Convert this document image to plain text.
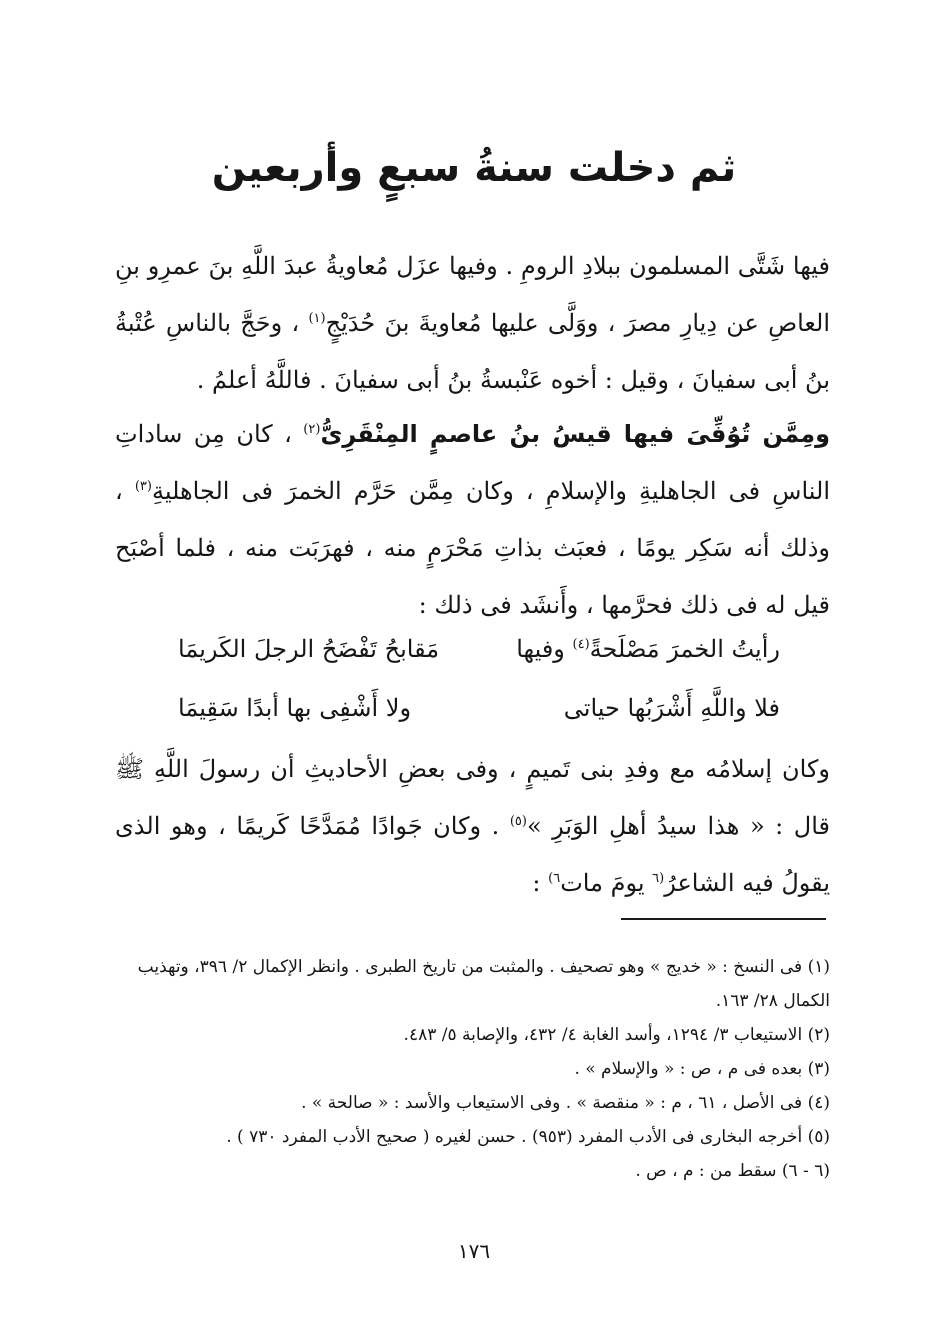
ثم دخلت سنةُ سبعٍ وأربعين

فيها شَتَّى المسلمون ببلادِ الرومِ . وفيها عزَل مُعاويةُ عبدَ اللَّهِ بنَ عمرِو بنِ العاصِ عن دِيارِ مصرَ ، ووَلَّى عليها مُعاويةَ بنَ حُدَيْجٍ$^{(١)}$ ، وحَجَّ بالناسِ عُتْبةُ بنُ أبى سفيانَ ، وقيل : أخوه عَنْبسةُ بنُ أبى سفيانَ . فاللَّهُ أعلمُ .

ومِمَّن تُوُفِّىَ فيها قيسُ بنُ عاصمٍ المِنْقَرِىُّ$^{(٢)}$ ، كان مِن ساداتِ الناسِ فى الجاهليةِ والإسلامِ ، وكان مِمَّن حَرَّم الخمرَ فى الجاهليةِ$^{(٣)}$ ، وذلك أنه سَكِر يومًا ، فعبَث بذاتِ مَحْرَمٍ منه ، فهرَبَت منه ، فلما أصْبَح قيل له فى ذلك فحرَّمها ، وأَنشَد فى ذلك :

رأيتُ الخمرَ مَصْلَحةً$^{(٤)}$ وفيها
مَقابحُ تَفْضَحُ الرجلَ الكَريمَا
فلا واللَّهِ أَشْرَبُها حياتى
ولا أَشْفِى بها أبدًا سَقِيمَا

وكان إسلامُه مع وفدِ بنى تَميمٍ ، وفى بعضِ الأحاديثِ أن رسولَ اللَّهِ ﷺ قال : « هذا سيدُ أهلِ الوَبَرِ »$^{(٥)}$ . وكان جَوادًا مُمَدَّحًا كَريمًا ، وهو الذى يقولُ فيه الشاعرُ$^{(٦}$ يومَ مات$^{٦)}$ :

(١) فى النسخ : « خديج » وهو تصحيف . والمثبت من تاريخ الطبرى . وانظر الإكمال ٢/ ٣٩٦، وتهذيب الكمال ٢٨/ ١٦٣.
(٢) الاستيعاب ٣/ ١٢٩٤، وأسد الغابة ٤/ ٤٣٢، والإصابة ٥/ ٤٨٣.
(٣) بعده فى م ، ص : « والإسلام » .
(٤) فى الأصل ، ٦١ ، م : « منقصة » . وفى الاستيعاب والأسد : « صالحة » .
(٥) أخرجه البخارى فى الأدب المفرد (٩٥٣) . حسن لغيره ( صحيح الأدب المفرد ٧٣٠ ) .
(٦ - ٦) سقط من : م ، ص .
١٧٦
